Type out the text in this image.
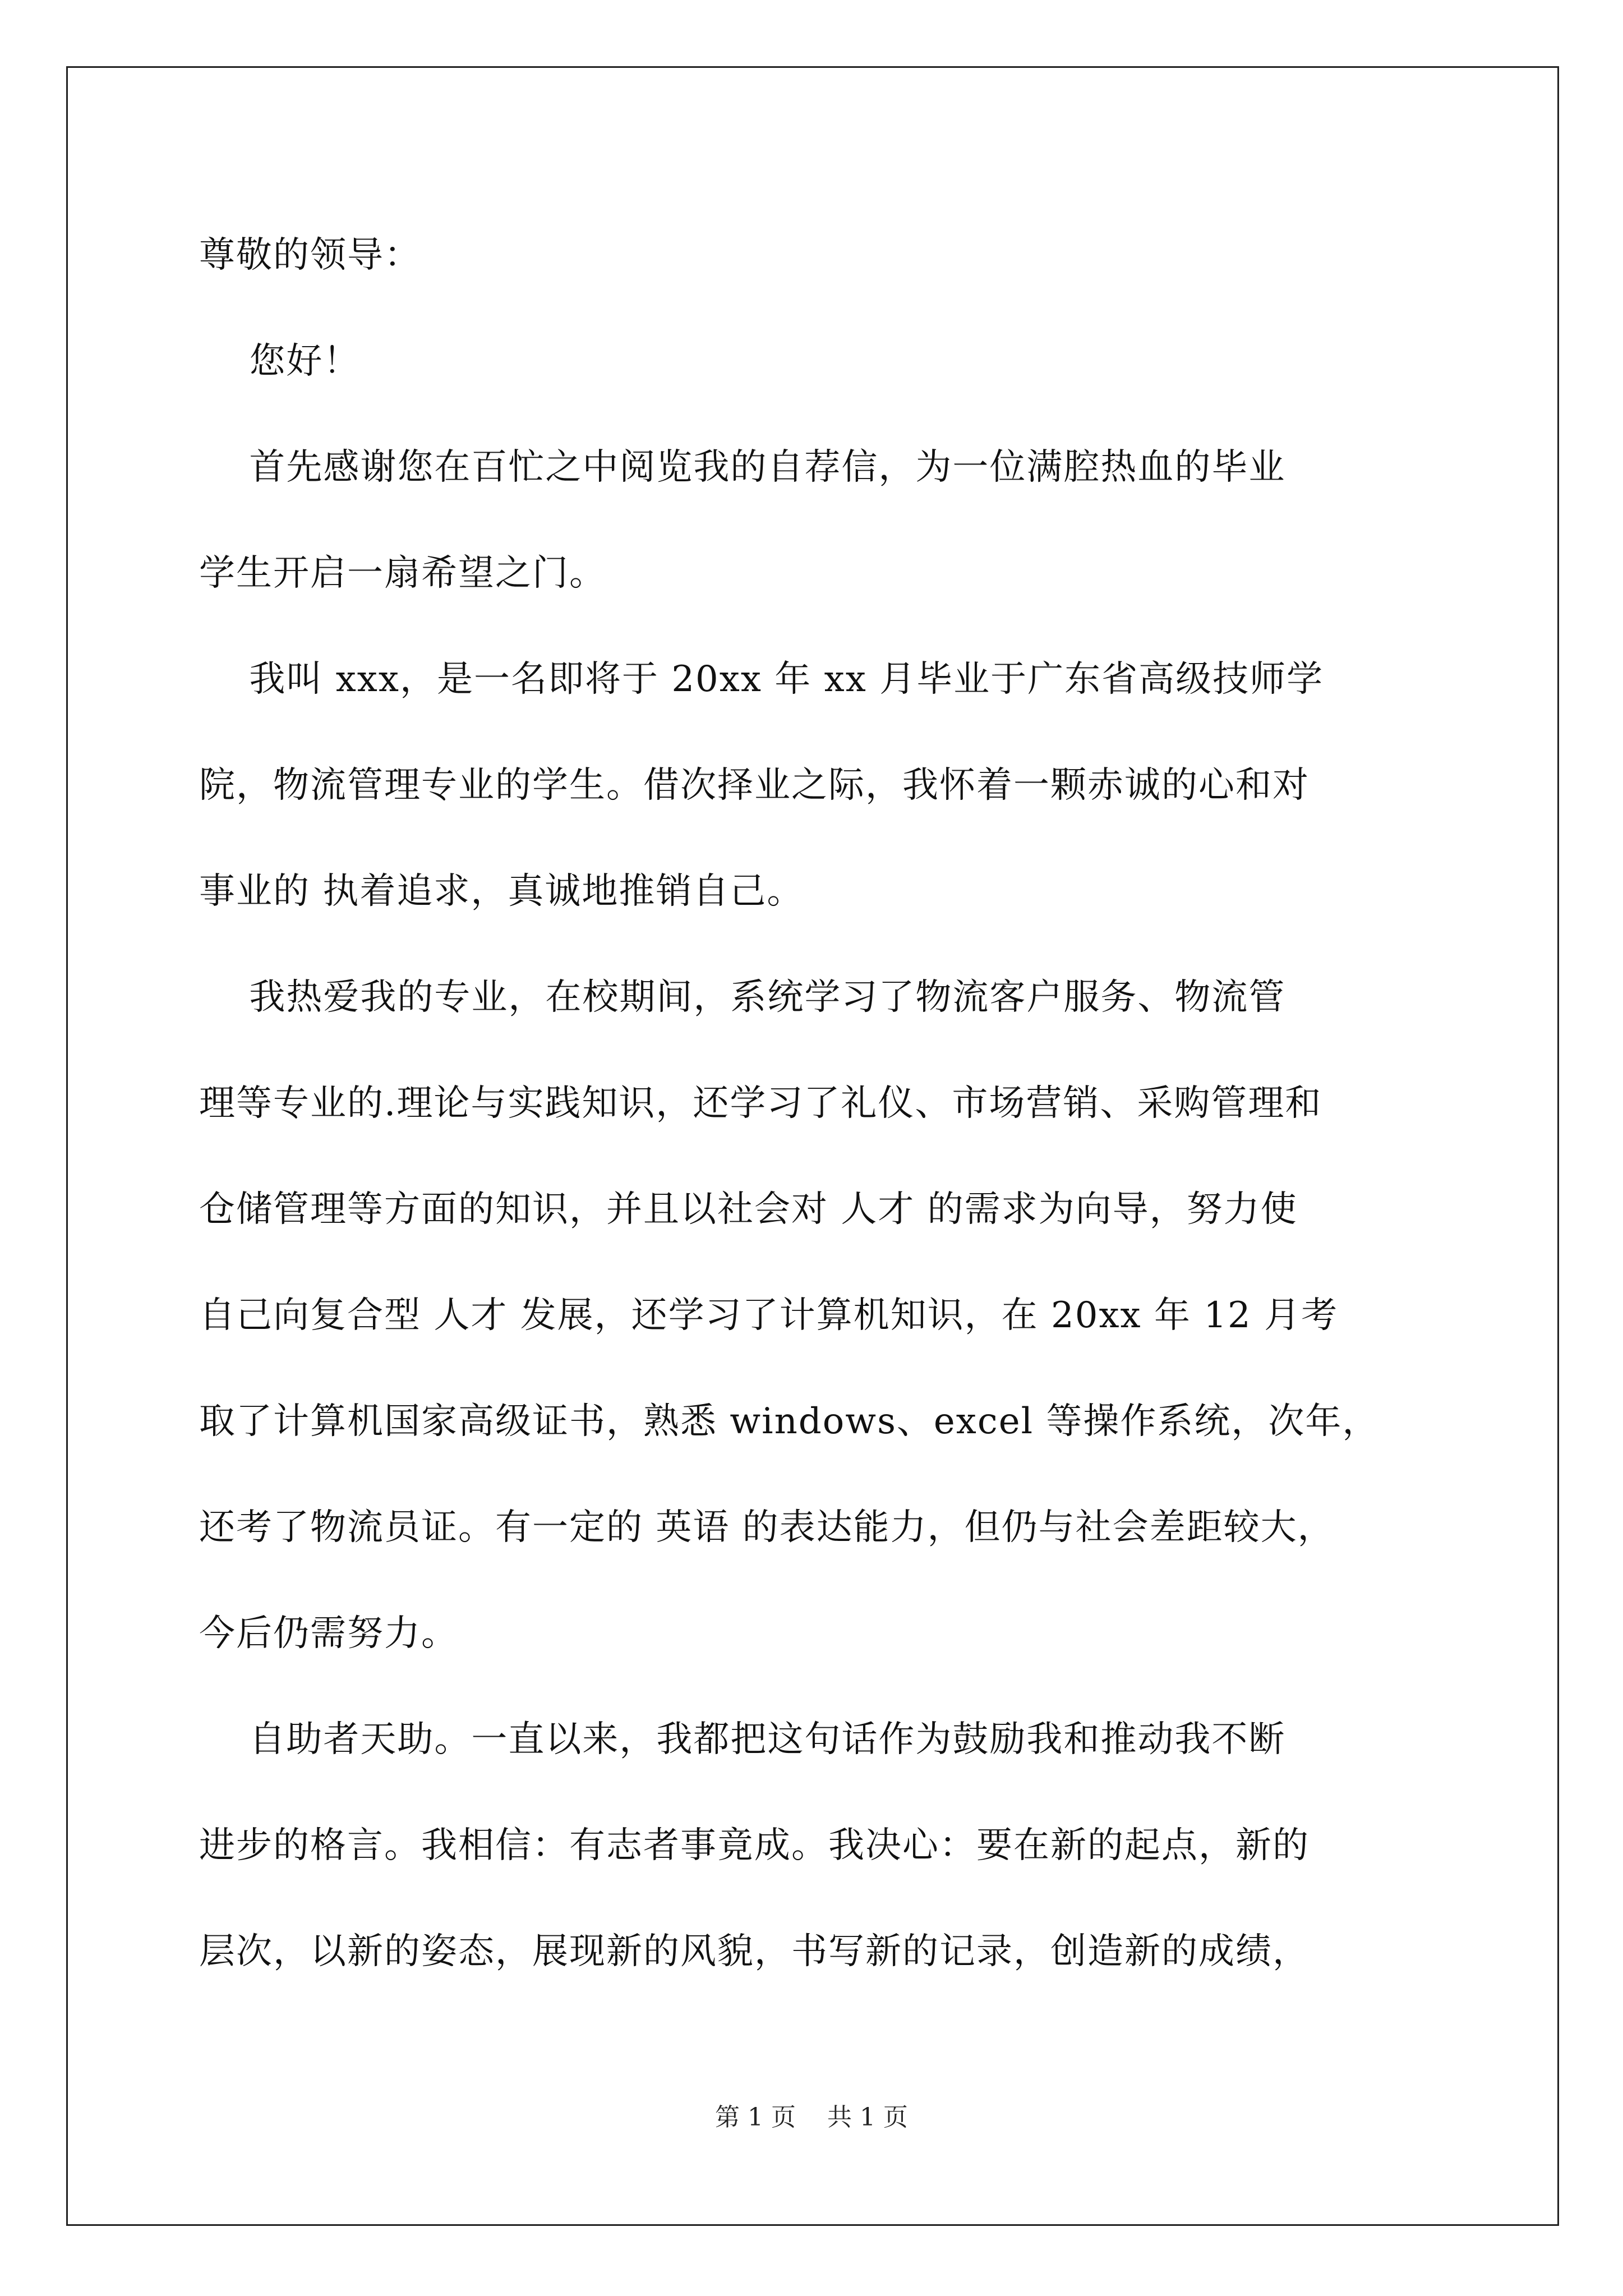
尊敬的领导：
您好！
首先感谢您在百忙之中阅览我的自荐信，为一位满腔热血的毕业
学生开启一扇希望之门。
我叫 xxx，是一名即将于 20xx 年 xx 月毕业于广东省高级技师学
院，物流管理专业的学生。借次择业之际，我怀着一颗赤诚的心和对
事业的 执着追求，真诚地推销自己。
我热爱我的专业，在校期间，系统学习了物流客户服务、物流管
理等专业的.理论与实践知识，还学习了礼仪、市场营销、采购管理和
仓储管理等方面的知识，并且以社会对 人才 的需求为向导，努力使
自己向复合型 人才 发展，还学习了计算机知识，在 20xx 年 12 月考
取了计算机国家高级证书，熟悉 windows、excel 等操作系统，次年，
还考了物流员证。有一定的 英语 的表达能力，但仍与社会差距较大，
今后仍需努力。
自助者天助。一直以来，我都把这句话作为鼓励我和推动我不断
进步的格言。我相信：有志者事竟成。我决心：要在新的起点，新的
层次，以新的姿态，展现新的风貌，书写新的记录，创造新的成绩，
第 1 页    共 1 页
